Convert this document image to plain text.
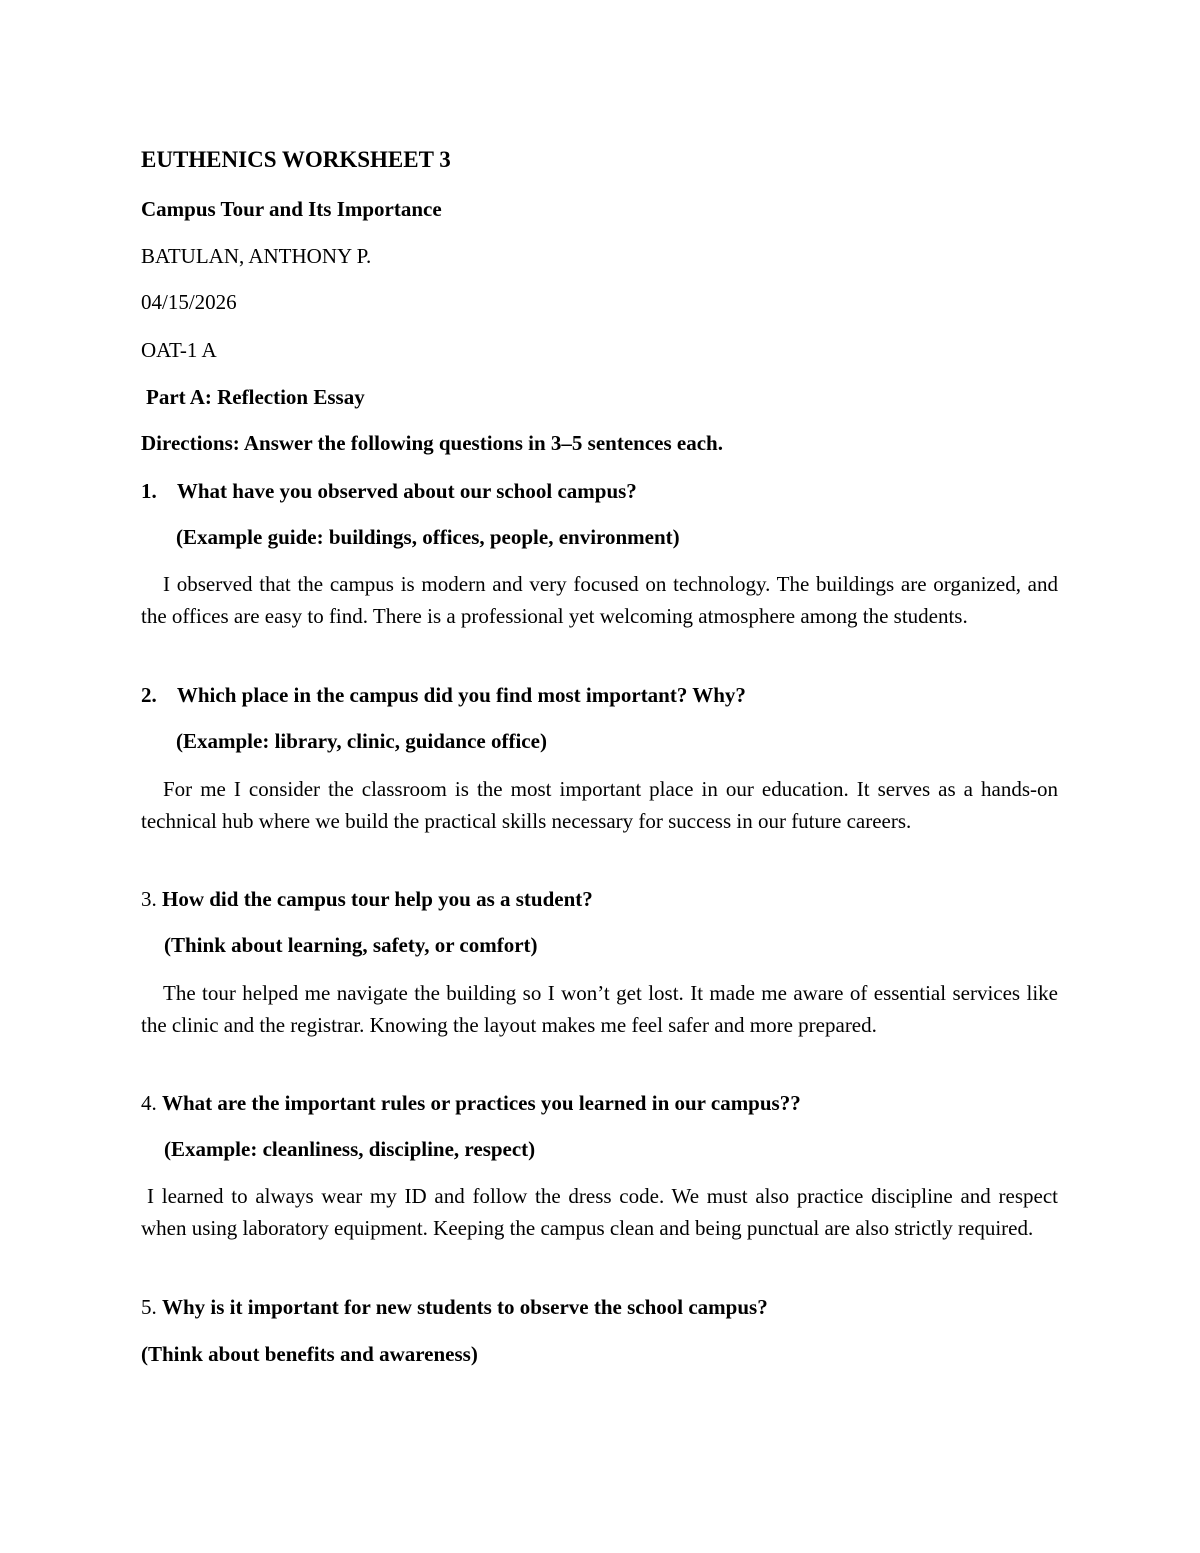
EUTHENICS WORKSHEET 3
Campus Tour and Its Importance
BATULAN, ANTHONY P.
04/15/2026
OAT-1 A
Part A: Reflection Essay
Directions: Answer the following questions in 3–5 sentences each.
1. What have you observed about our school campus?
(Example guide: buildings, offices, people, environment)
I observed that the campus is modern and very focused on technology. The buildings are organized, and the offices are easy to find. There is a professional yet welcoming atmosphere among the students.
2. Which place in the campus did you find most important? Why?
(Example: library, clinic, guidance office)
For me I consider the classroom is the most important place in our education. It serves as a hands-on technical hub where we build the practical skills necessary for success in our future careers.
3. How did the campus tour help you as a student?
(Think about learning, safety, or comfort)
The tour helped me navigate the building so I won’t get lost. It made me aware of essential services like the clinic and the registrar. Knowing the layout makes me feel safer and more prepared.
4. What are the important rules or practices you learned in our campus??
(Example: cleanliness, discipline, respect)
I learned to always wear my ID and follow the dress code. We must also practice discipline and respect when using laboratory equipment. Keeping the campus clean and being punctual are also strictly required.
5. Why is it important for new students to observe the school campus?
(Think about benefits and awareness)
